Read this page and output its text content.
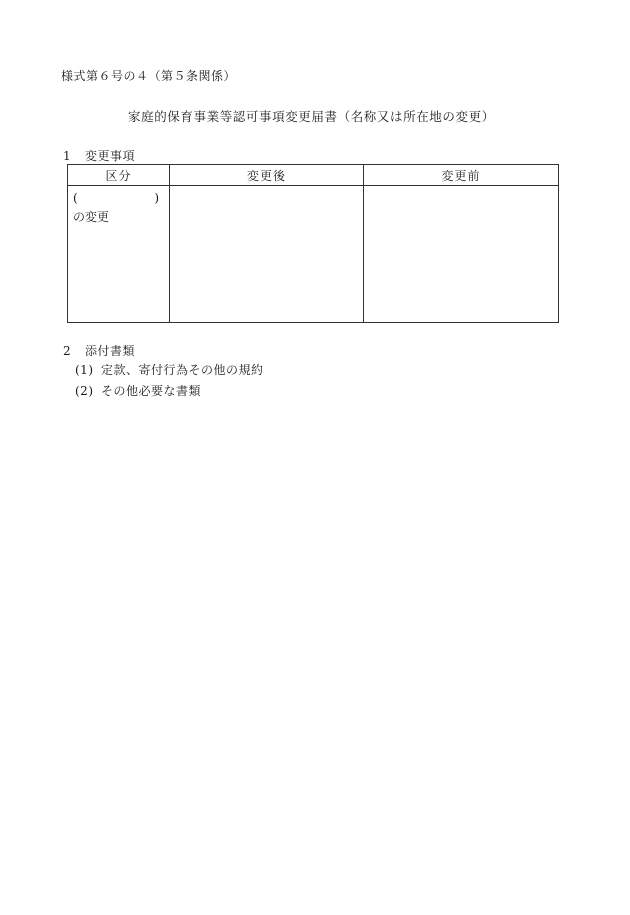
様式第６号の４（第５条関係）
家庭的保育事業等認可事項変更届書（名称又は所在地の変更）
1 変更事項
区分	変更後	変更前

( )
の変更		

2 添付書類
(1) 定款、寄付行為その他の規約
(2) その他必要な書類
